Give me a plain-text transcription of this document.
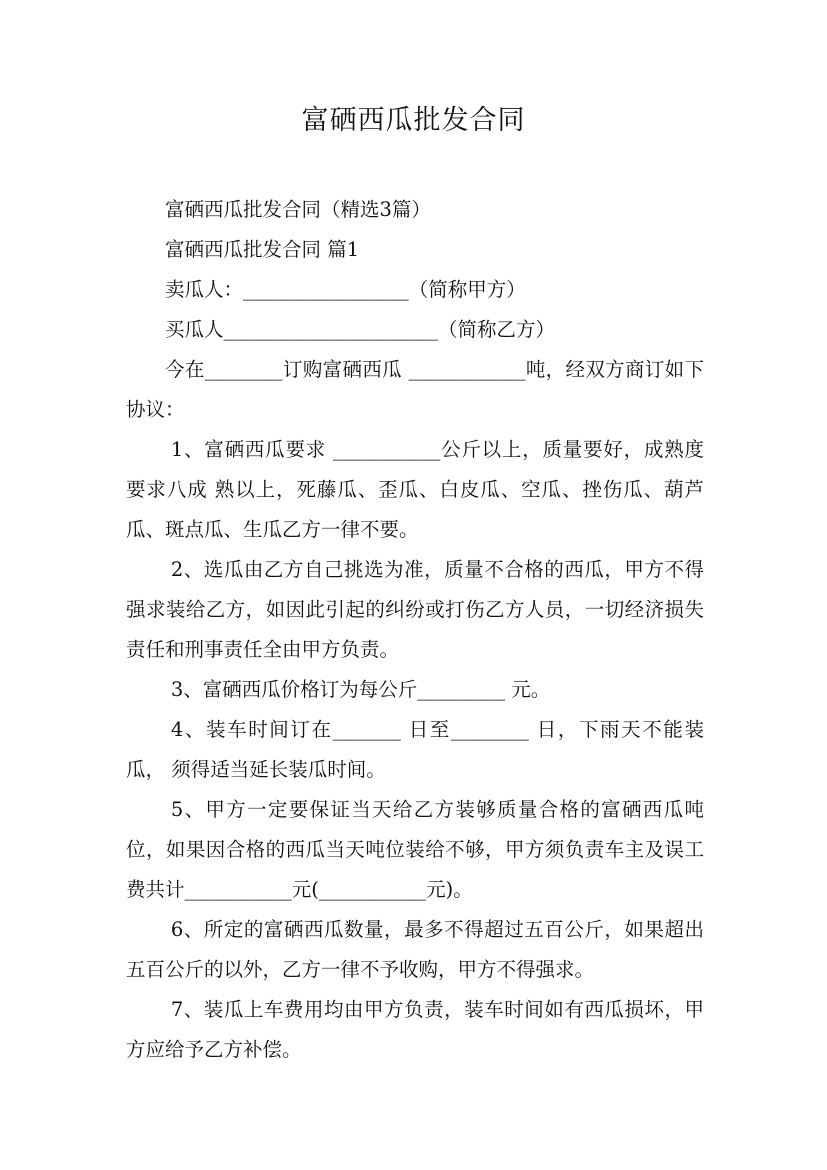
富硒西瓜批发合同

富硒西瓜批发合同（精选3篇）

富硒西瓜批发合同 篇1

卖瓜人：_________________（简称甲方）

买瓜人______________________（简称乙方）

今在________订购富硒西瓜 ____________吨，经双方商订如下协议：

1、富硒西瓜要求 ___________公斤以上，质量要好，成熟度要求八成 熟以上，死藤瓜、歪瓜、白皮瓜、空瓜、挫伤瓜、葫芦瓜、斑点瓜、生瓜乙方一律不要。

2、选瓜由乙方自己挑选为准，质量不合格的西瓜，甲方不得强求装给乙方，如因此引起的纠纷或打伤乙方人员，一切经济损失责任和刑事责任全由甲方负责。

3、富硒西瓜价格订为每公斤_________ 元。

4、装车时间订在_______ 日至________ 日，下雨天不能装瓜， 须得适当延长装瓜时间。

5、甲方一定要保证当天给乙方装够质量合格的富硒西瓜吨位，如果因合格的西瓜当天吨位装给不够，甲方须负责车主及误工费共计___________元(___________元)。

6、所定的富硒西瓜数量，最多不得超过五百公斤，如果超出五百公斤的以外，乙方一律不予收购，甲方不得强求。

7、装瓜上车费用均由甲方负责，装车时间如有西瓜损坏，甲方应给予乙方补偿。
